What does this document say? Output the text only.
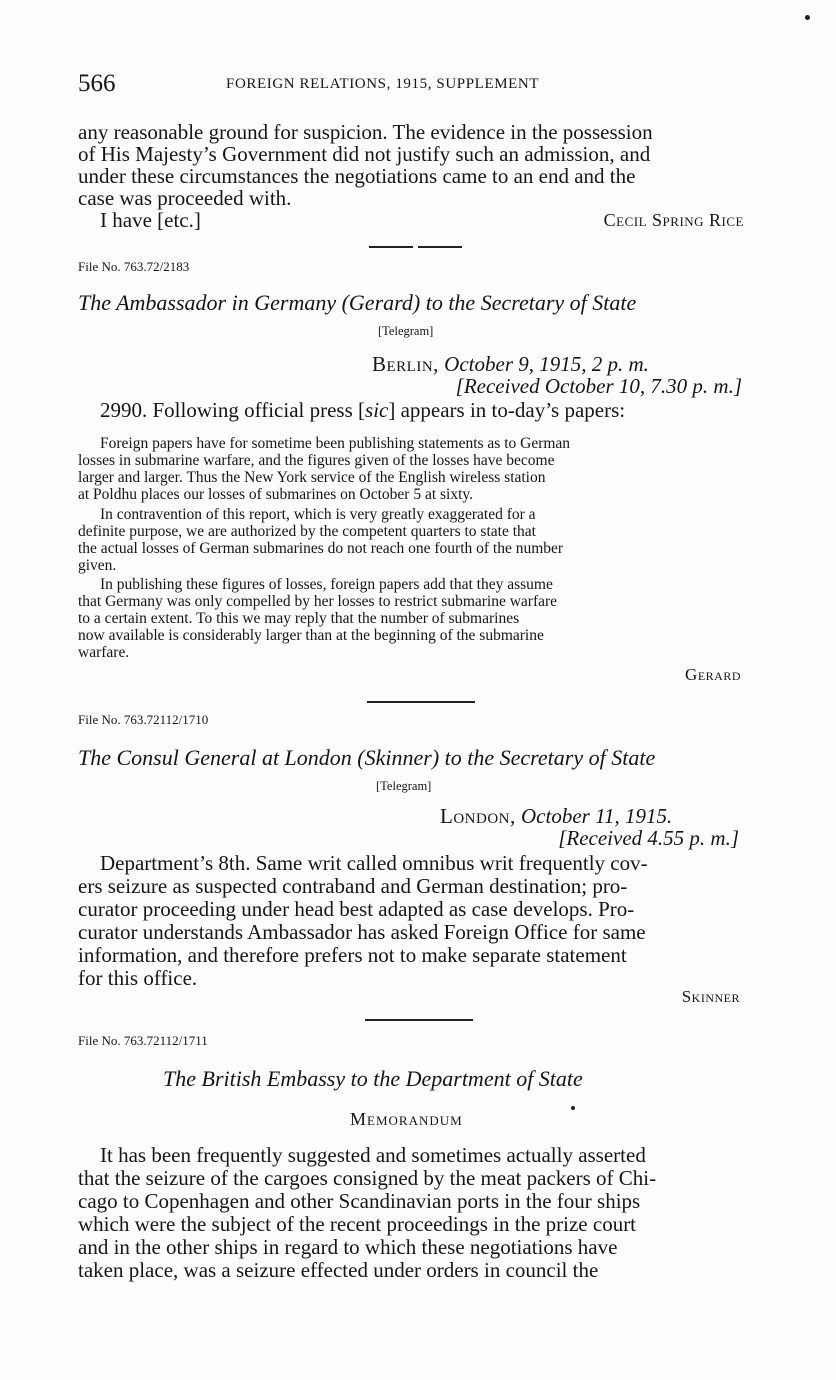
566	FOREIGN RELATIONS, 1915, SUPPLEMENT
any reasonable ground for suspicion. The evidence in the possession
of His Majesty’s Government did not justify such an admission, and
under these circumstances the negotiations came to an end and the
case was proceeded with.
I have [etc.]	Cecil Spring Rice
File No. 763.72/2183
The Ambassador in Germany (Gerard) to the Secretary of State
[Telegram]
Berlin, October 9, 1915, 2 p. m.
[Received October 10, 7.30 p. m.]
2990. Following official press [sic] appears in to-day’s papers:
Foreign papers have for sometime been publishing statements as to German
losses in submarine warfare, and the figures given of the losses have become
larger and larger. Thus the New York service of the English wireless station
at Poldhu places our losses of submarines on October 5 at sixty.
In contravention of this report, which is very greatly exaggerated for a
definite purpose, we are authorized by the competent quarters to state that
the actual losses of German submarines do not reach one fourth of the number
given.
In publishing these figures of losses, foreign papers add that they assume
that Germany was only compelled by her losses to restrict submarine warfare
to a certain extent. To this we may reply that the number of submarines
now available is considerably larger than at the beginning of the submarine
warfare.
Gerard
File No. 763.72112/1710
The Consul General at London (Skinner) to the Secretary of State
[Telegram]
London, October 11, 1915.
[Received 4.55 p. m.]
Department’s 8th. Same writ called omnibus writ frequently cov-
ers seizure as suspected contraband and German destination; pro-
curator proceeding under head best adapted as case develops. Pro-
curator understands Ambassador has asked Foreign Office for same
information, and therefore prefers not to make separate statement
for this office.
Skinner
File No. 763.72112/1711
The British Embassy to the Department of State
Memorandum
It has been frequently suggested and sometimes actually asserted
that the seizure of the cargoes consigned by the meat packers of Chi-
cago to Copenhagen and other Scandinavian ports in the four ships
which were the subject of the recent proceedings in the prize court
and in the other ships in regard to which these negotiations have
taken place, was a seizure effected under orders in council the
